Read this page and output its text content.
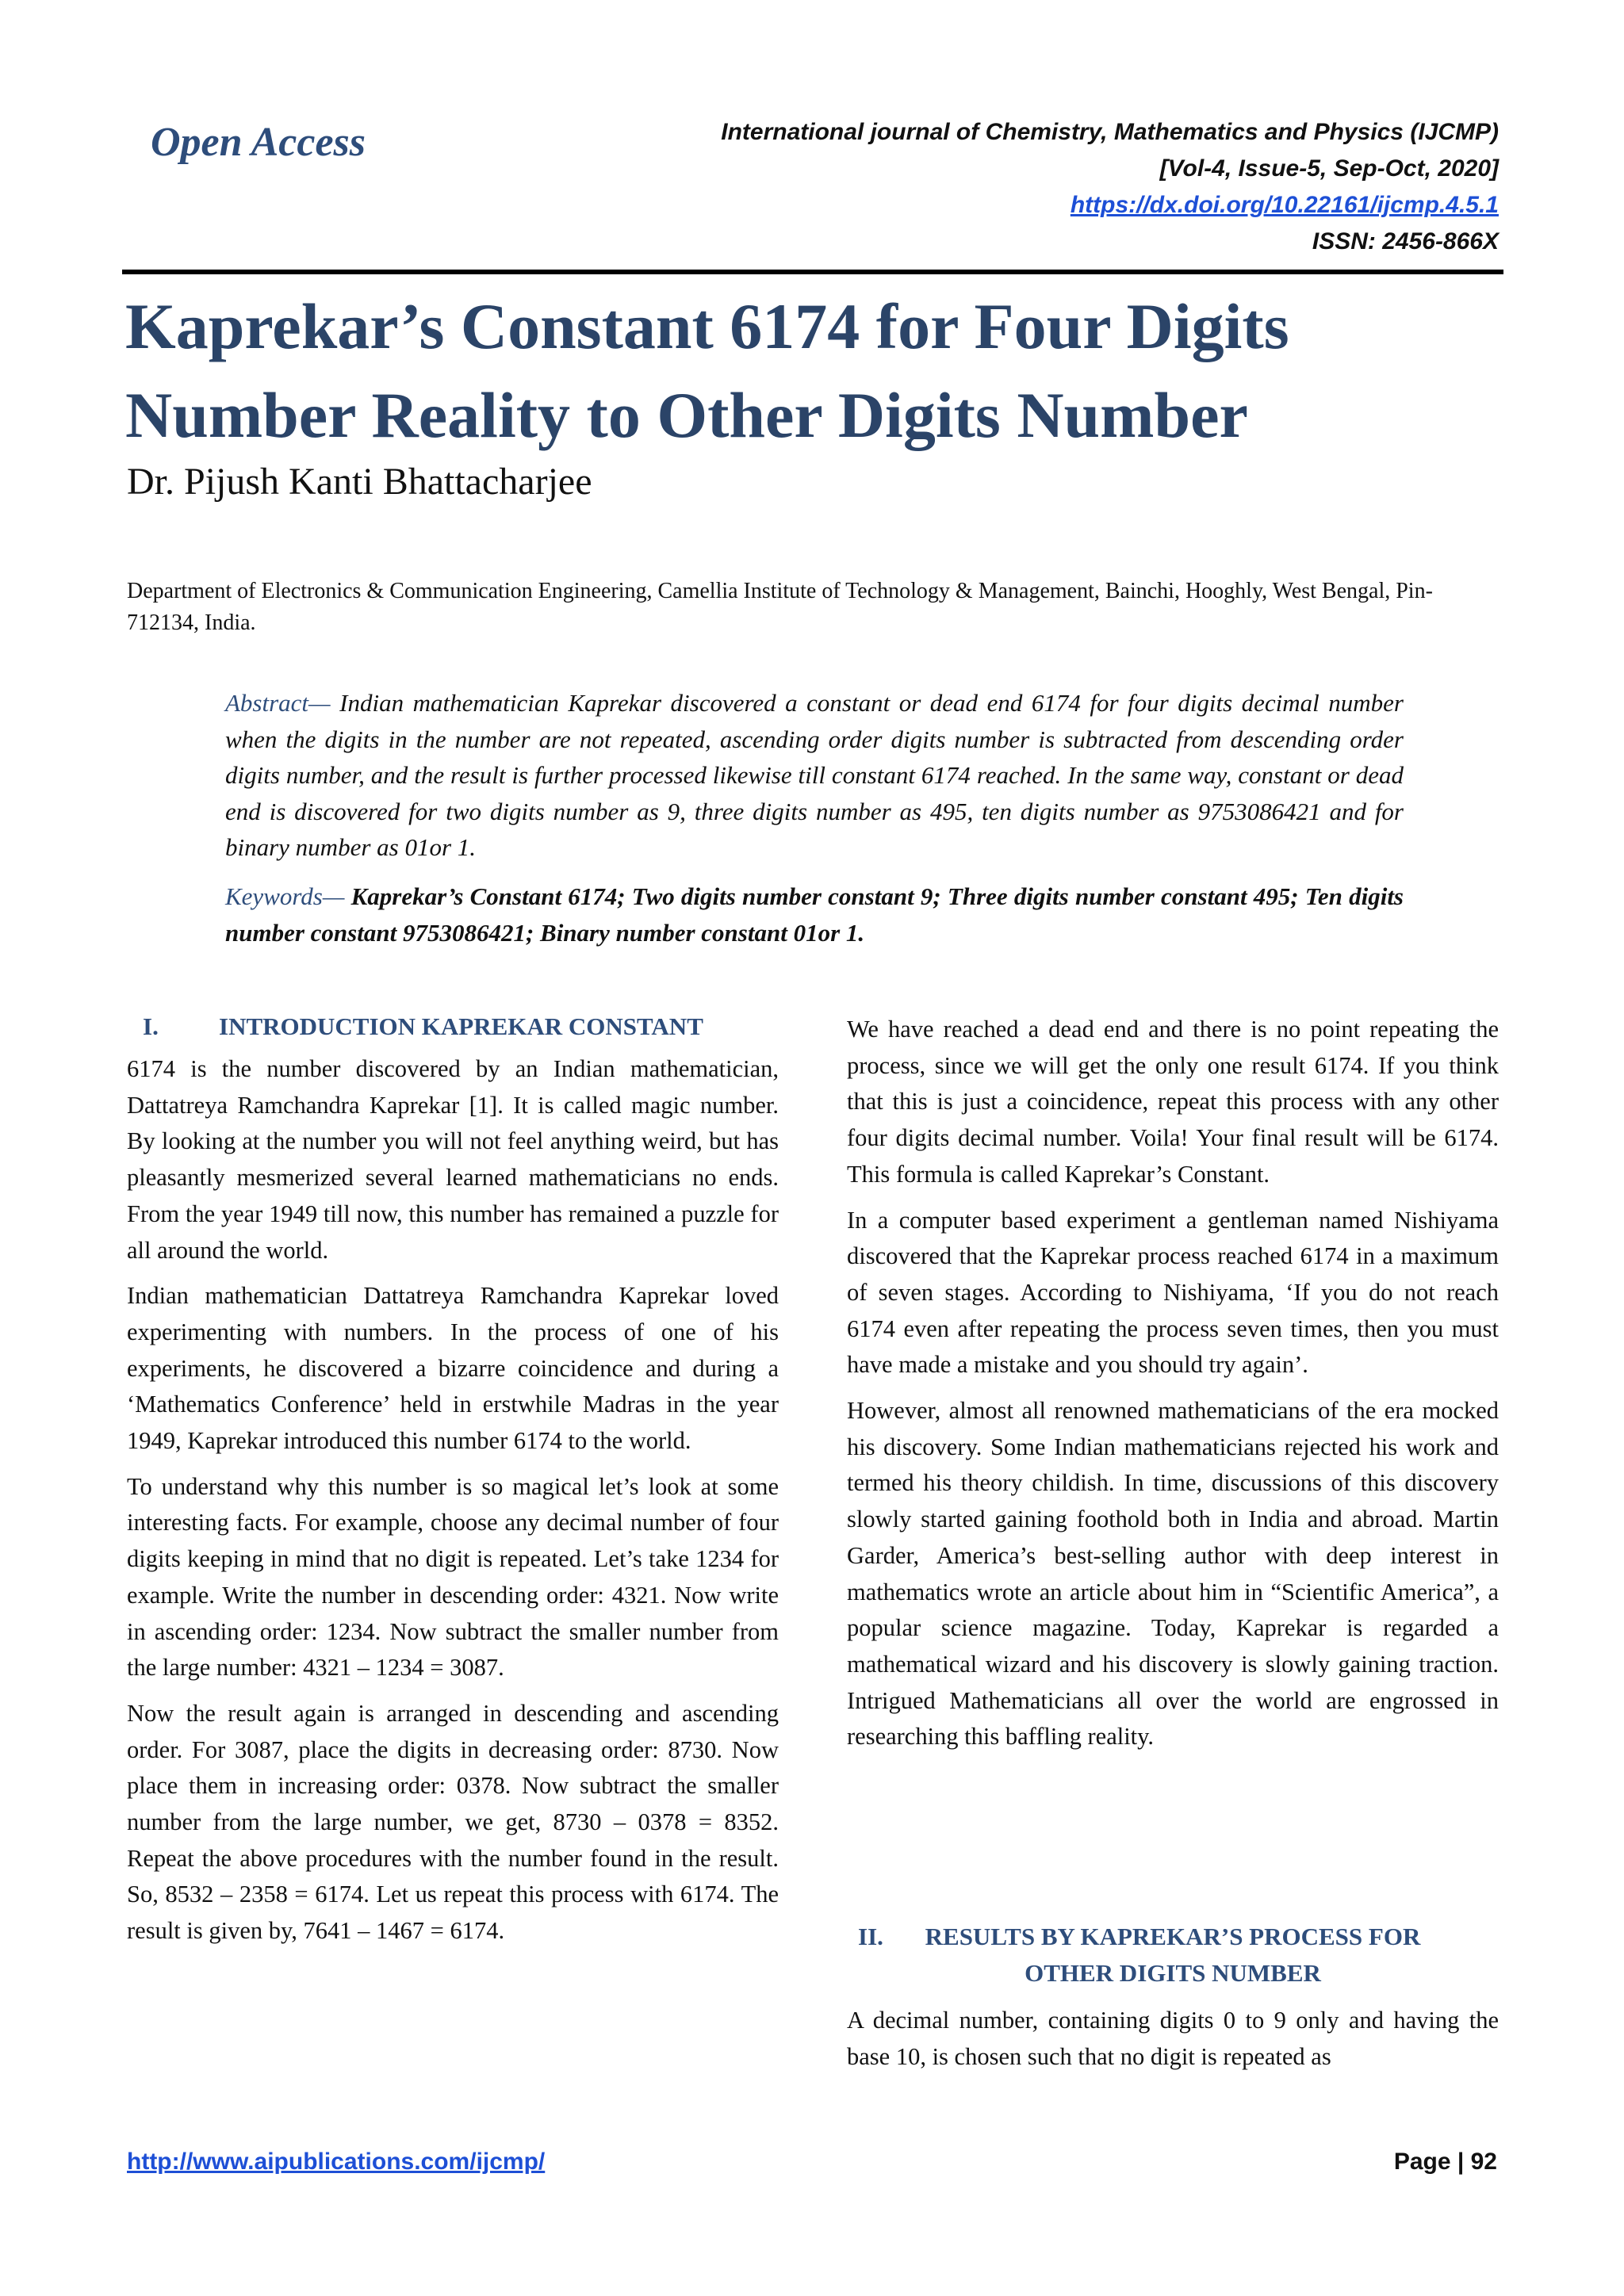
Open Access	International journal of Chemistry, Mathematics and Physics (IJCMP)
[Vol-4, Issue-5, Sep-Oct, 2020]
https://dx.doi.org/10.22161/ijcmp.4.5.1
ISSN: 2456-866X
Kaprekar’s Constant 6174 for Four Digits
Number Reality to Other Digits Number
Dr. Pijush Kanti Bhattacharjee
Department of Electronics & Communication Engineering, Camellia Institute of Technology & Management, Bainchi, Hooghly, West Bengal, Pin-712134, India.
Abstract— Indian mathematician Kaprekar discovered a constant or dead end 6174 for four digits decimal number when the digits in the number are not repeated, ascending order digits number is subtracted from descending order digits number, and the result is further processed likewise till constant 6174 reached. In the same way, constant or dead end is discovered for two digits number as 9, three digits number as 495, ten digits number as 9753086421 and for binary number as 01or 1.
Keywords— Kaprekar’s Constant 6174; Two digits number constant 9; Three digits number constant 495; Ten digits number constant 9753086421; Binary number constant 01or 1.
I. INTRODUCTION KAPREKAR CONSTANT

6174 is the number discovered by an Indian mathematician, Dattatreya Ramchandra Kaprekar [1]. It is called magic number. By looking at the number you will not feel anything weird, but has pleasantly mesmerized several learned mathematicians no ends. From the year 1949 till now, this number has remained a puzzle for all around the world.

Indian mathematician Dattatreya Ramchandra Kaprekar loved experimenting with numbers. In the process of one of his experiments, he discovered a bizarre coincidence and during a ‘Mathematics Conference’ held in erstwhile Madras in the year 1949, Kaprekar introduced this number 6174 to the world.

To understand why this number is so magical let’s look at some interesting facts. For example, choose any decimal number of four digits keeping in mind that no digit is repeated. Let’s take 1234 for example. Write the number in descending order: 4321. Now write in ascending order: 1234. Now subtract the smaller number from the large number: 4321 – 1234 = 3087.

Now the result again is arranged in descending and ascending order. For 3087, place the digits in decreasing order: 8730. Now place them in increasing order: 0378. Now subtract the smaller number from the large number, we get, 8730 – 0378 = 8352. Repeat the above procedures with the number found in the result. So, 8532 – 2358 = 6174. Let us repeat this process with 6174. The result is given by, 7641 – 1467 = 6174.

We have reached a dead end and there is no point repeating the process, since we will get the only one result 6174. If you think that this is just a coincidence, repeat this process with any other four digits decimal number. Voila! Your final result will be 6174. This formula is called Kaprekar’s Constant.

In a computer based experiment a gentleman named Nishiyama discovered that the Kaprekar process reached 6174 in a maximum of seven stages. According to Nishiyama, ‘If you do not reach 6174 even after repeating the process seven times, then you must have made a mistake and you should try again’.

However, almost all renowned mathematicians of the era mocked his discovery. Some Indian mathematicians rejected his work and termed his theory childish. In time, discussions of this discovery slowly started gaining foothold both in India and abroad. Martin Garder, America’s best-selling author with deep interest in mathematics wrote an article about him in “Scientific America”, a popular science magazine. Today, Kaprekar is regarded a mathematical wizard and his discovery is slowly gaining traction. Intrigued Mathematicians all over the world are engrossed in researching this baffling reality.

II.	RESULTS BY KAPREKAR’S PROCESS FOR
OTHER DIGITS NUMBER

A decimal number, containing digits 0 to 9 only and having the base 10, is chosen such that no digit is repeated as

http://www.aipublications.com/ijcmp/	Page | 92
